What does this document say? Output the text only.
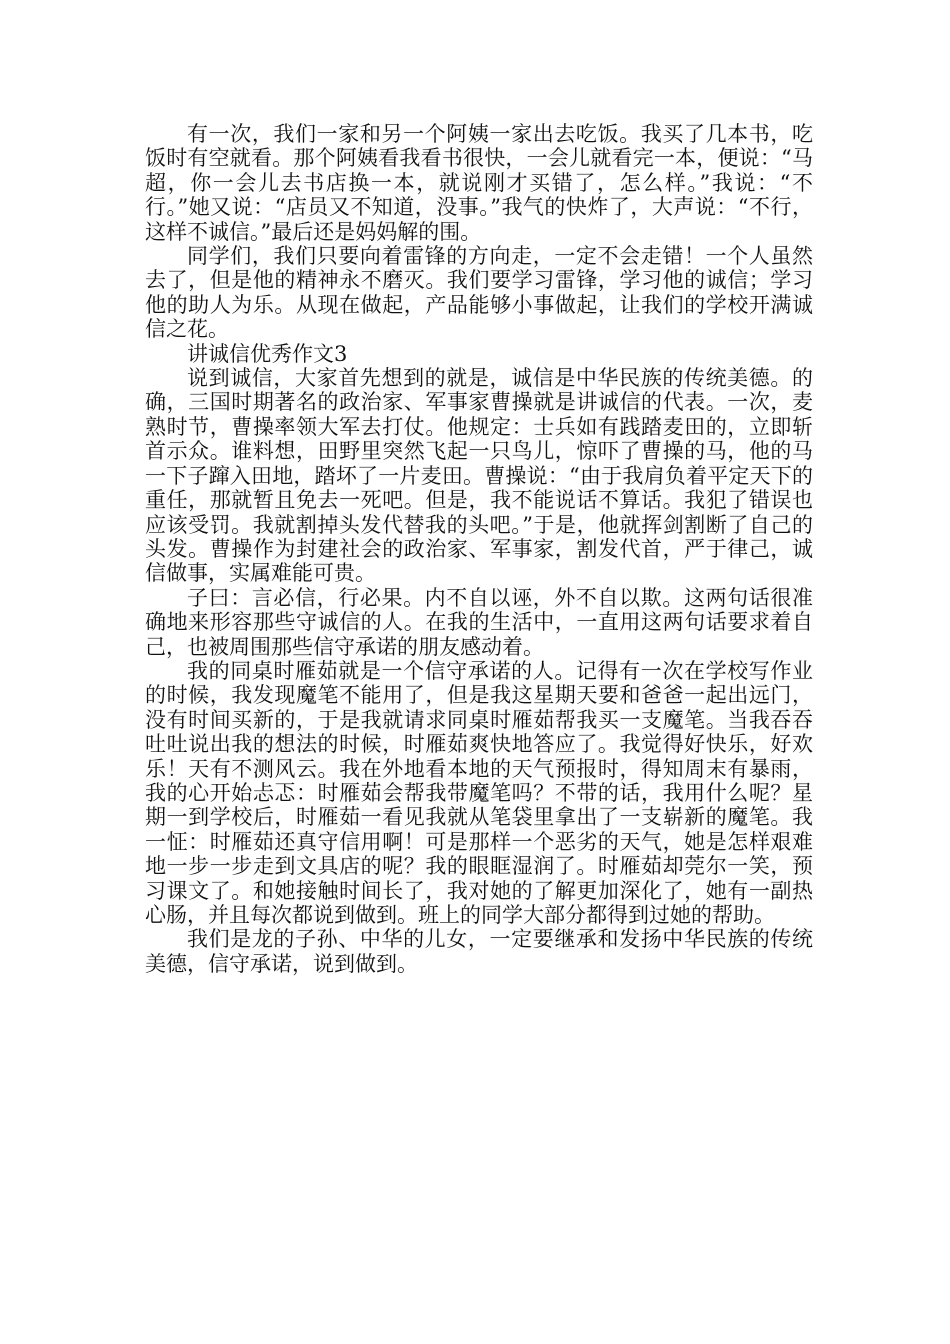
有一次，我们一家和另一个阿姨一家出去吃饭。我买了几本书，吃饭时有空就看。那个阿姨看我看书很快，一会儿就看完一本，便说：“马超，你一会儿去书店换一本，就说刚才买错了，怎么样。”我说：“不行。”她又说：“店员又不知道，没事。”我气的快炸了，大声说：“不行，这样不诚信。”最后还是妈妈解的围。

同学们，我们只要向着雷锋的方向走，一定不会走错！一个人虽然去了，但是他的精神永不磨灭。我们要学习雷锋，学习他的诚信；学习他的助人为乐。从现在做起，产品能够小事做起，让我们的学校开满诚信之花。

讲诚信优秀作文3

说到诚信，大家首先想到的就是，诚信是中华民族的传统美德。的确，三国时期著名的政治家、军事家曹操就是讲诚信的代表。一次，麦熟时节，曹操率领大军去打仗。他规定：士兵如有践踏麦田的，立即斩首示众。谁料想，田野里突然飞起一只鸟儿，惊吓了曹操的马，他的马一下子蹿入田地，踏坏了一片麦田。曹操说：“由于我肩负着平定天下的重任，那就暂且免去一死吧。但是，我不能说话不算话。我犯了错误也应该受罚。我就割掉头发代替我的头吧。”于是，他就挥剑割断了自己的头发。曹操作为封建社会的政治家、军事家，割发代首，严于律己，诚信做事，实属难能可贵。

子曰：言必信，行必果。内不自以诬，外不自以欺。这两句话很准确地来形容那些守诚信的人。在我的生活中，一直用这两句话要求着自己，也被周围那些信守承诺的朋友感动着。

我的同桌时雁茹就是一个信守承诺的人。记得有一次在学校写作业的时候，我发现魔笔不能用了，但是我这星期天要和爸爸一起出远门，没有时间买新的，于是我就请求同桌时雁茹帮我买一支魔笔。当我吞吞吐吐说出我的想法的时候，时雁茹爽快地答应了。我觉得好快乐，好欢乐！天有不测风云。我在外地看本地的天气预报时，得知周末有暴雨，我的心开始忐忑：时雁茹会帮我带魔笔吗？不带的话，我用什么呢？星期一到学校后，时雁茹一看见我就从笔袋里拿出了一支崭新的魔笔。我一怔：时雁茹还真守信用啊！可是那样一个恶劣的天气，她是怎样艰难地一步一步走到文具店的呢？我的眼眶湿润了。时雁茹却莞尔一笑，预习课文了。和她接触时间长了，我对她的了解更加深化了，她有一副热心肠，并且每次都说到做到。班上的同学大部分都得到过她的帮助。

我们是龙的子孙、中华的儿女，一定要继承和发扬中华民族的传统美德，信守承诺，说到做到。
